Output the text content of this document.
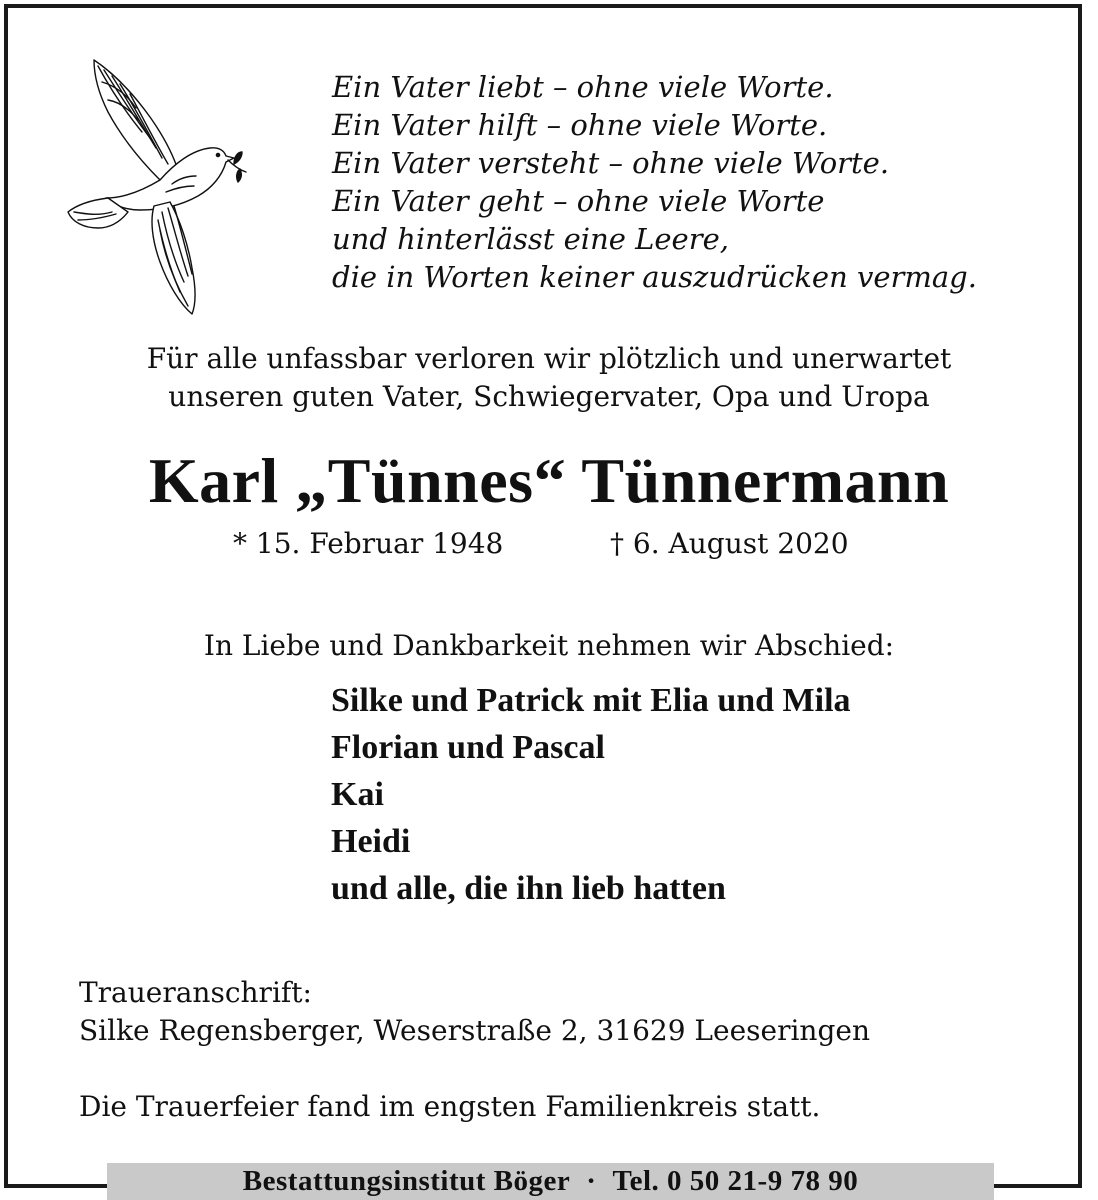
Ein Vater liebt – ohne viele Worte.
Ein Vater hilft – ohne viele Worte.
Ein Vater versteht – ohne viele Worte.
Ein Vater geht – ohne viele Worte
und hinterlässt eine Leere,
die in Worten keiner auszudrücken vermag.
Für alle unfassbar verloren wir plötzlich und unerwartet
unseren guten Vater, Schwiegervater, Opa und Uropa
Karl „Tünnes“ Tünnermann
* 15. Februar 1948	† 6. August 2020
In Liebe und Dankbarkeit nehmen wir Abschied:
Silke und Patrick mit Elia und Mila
Florian und Pascal
Kai
Heidi
und alle, die ihn lieb hatten
Traueranschrift:
Silke Regensberger, Weserstraße 2, 31629 Leeseringen
Die Trauerfeier fand im engsten Familienkreis statt.
Bestattungsinstitut Böger · Tel. 0 50 21-9 78 90
